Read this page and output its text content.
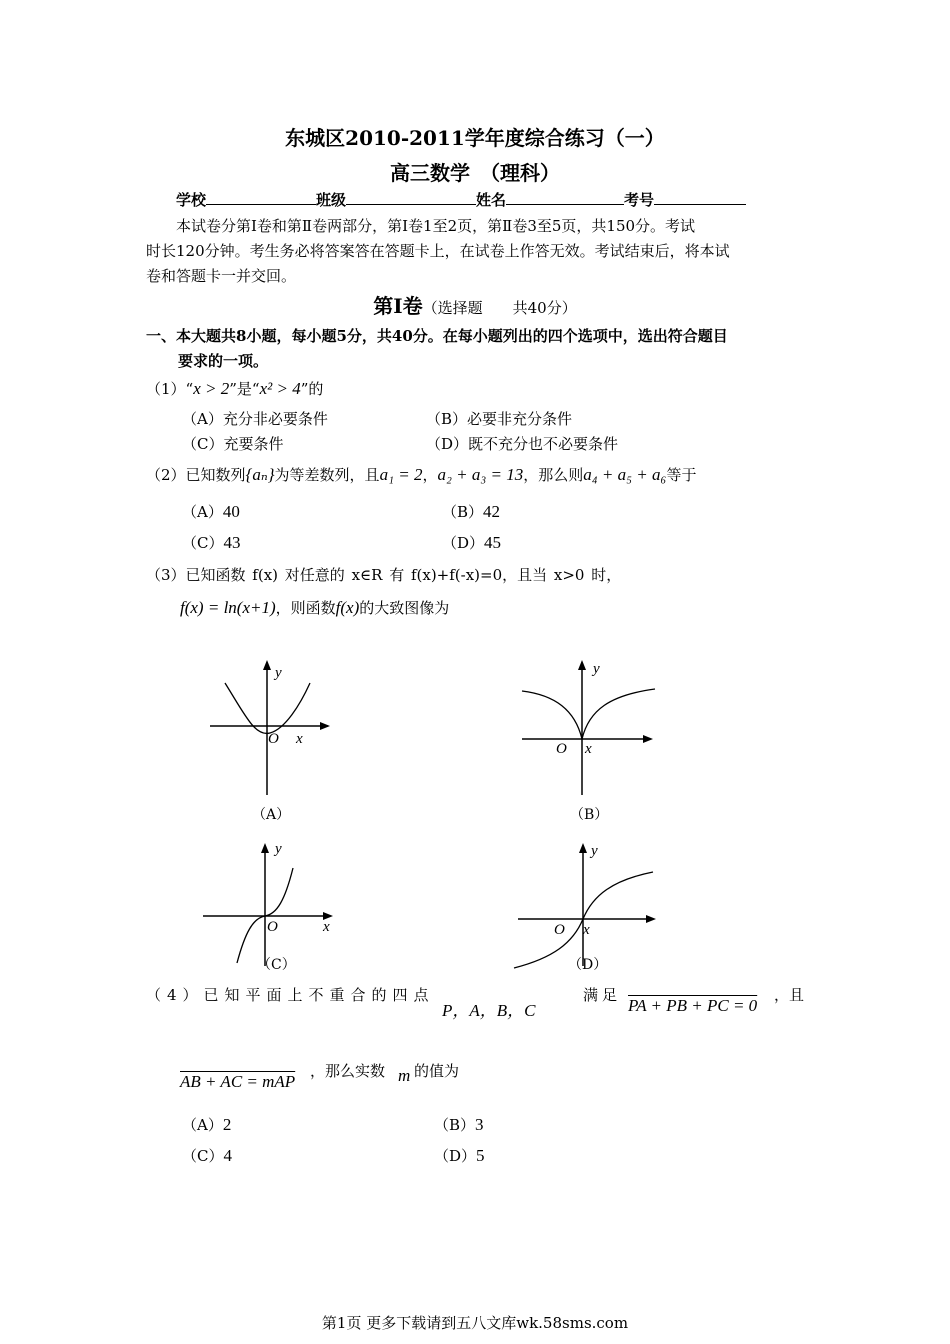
东城区2010-2011学年度综合练习（一）
高三数学　（理科）
学校	班级	姓名	考号
本试卷分第Ⅰ卷和第Ⅱ卷两部分，第Ⅰ卷1至2页，第Ⅱ卷3至5页，共150分。考试
时长120分钟。考生务必将答案答在答题卡上，在试卷上作答无效。考试结束后，将本试
卷和答题卡一并交回。
第Ⅰ卷（选择题　　共40分）
一、本大题共8小题，每小题5分，共40分。在每小题列出的四个选项中，选出符合题目
要求的一项。
（1）“x > 2”是“x² > 4”的
（A）充分非必要条件	（B）必要非充分条件
（C）充要条件	（D）既不充分也不必要条件
（2）已知数列{aₙ}为等差数列，且a₁ = 2，a₂ + a₃ = 13，那么则a₄ + a₅ + a₆等于
（A）40	（B）42
（C）43	（D）45
（3）已知函数 f(x) 对任意的 x∈R 有 f(x)+f(-x)=0，且当 x>0 时，
f(x) = ln(x+1)，则函数f(x)的大致图像为
y
O x
（A）
y
O x
（B）
y
O	x
（C）
y
O x
（D）
（4）已知平面上不重合的四点
P，A，B，C
满足
PA + PB + PC = 0
，且
AB + AC = mAP
，那么实数 m 的值为
（A）2	（B）3
（C）4	（D）5
第1页 更多下载请到五八文库wk.58sms.com
